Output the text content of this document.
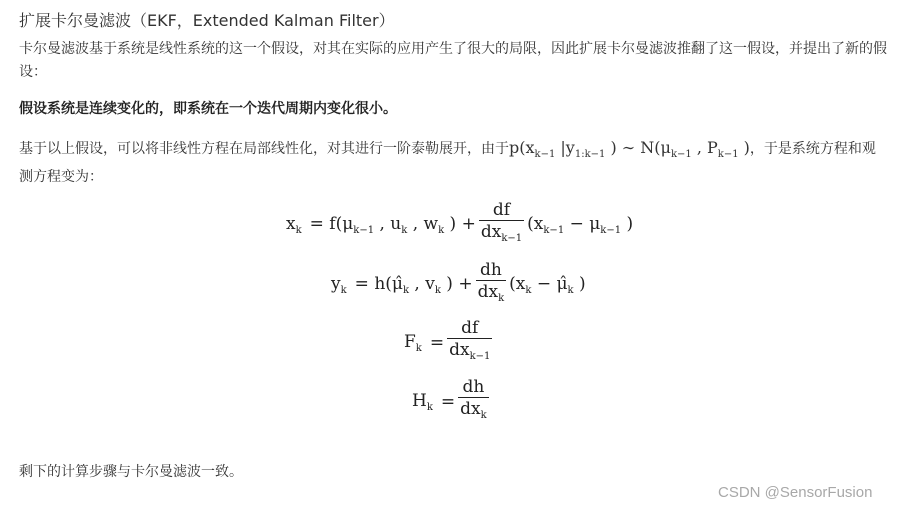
扩展卡尔曼滤波（EKF，Extended Kalman Filter）
卡尔曼滤波基于系统是线性系统的这一个假设，对其在实际的应用产生了很大的局限，因此扩展卡尔曼滤波推翻了这一假设，并提出了新的假设：
假设系统是连续变化的，即系统在一个迭代周期内变化很小。
基于以上假设，可以将非线性方程在局部线性化，对其进行一阶泰勒展开，由于$p(x_{k-1}$ $|y_{1:k-1}$ ) ∼ $N(\mu_{k-1}$ , $P_{k-1}$ )，于是系统方程和观测方程变为：
$x_k = f(\mu_{k-1}$ , $u_k$ , $w_k$ ) + $\frac{df}{dx_{k-1}} (x_{k-1} - \mu_{k-1}$ )
$y_k$ = $h(\mû_k$ , $v_k$ ) + $\frac{dh}{dx_k} (x_k$ − $\mû_k$ )
$F_k = \frac{df}{dx_{k-1}}$
$H_k = \frac{dh}{dx_k}$
剩下的计算步骤与卡尔曼滤波一致。
CSDN @SensorFusion
